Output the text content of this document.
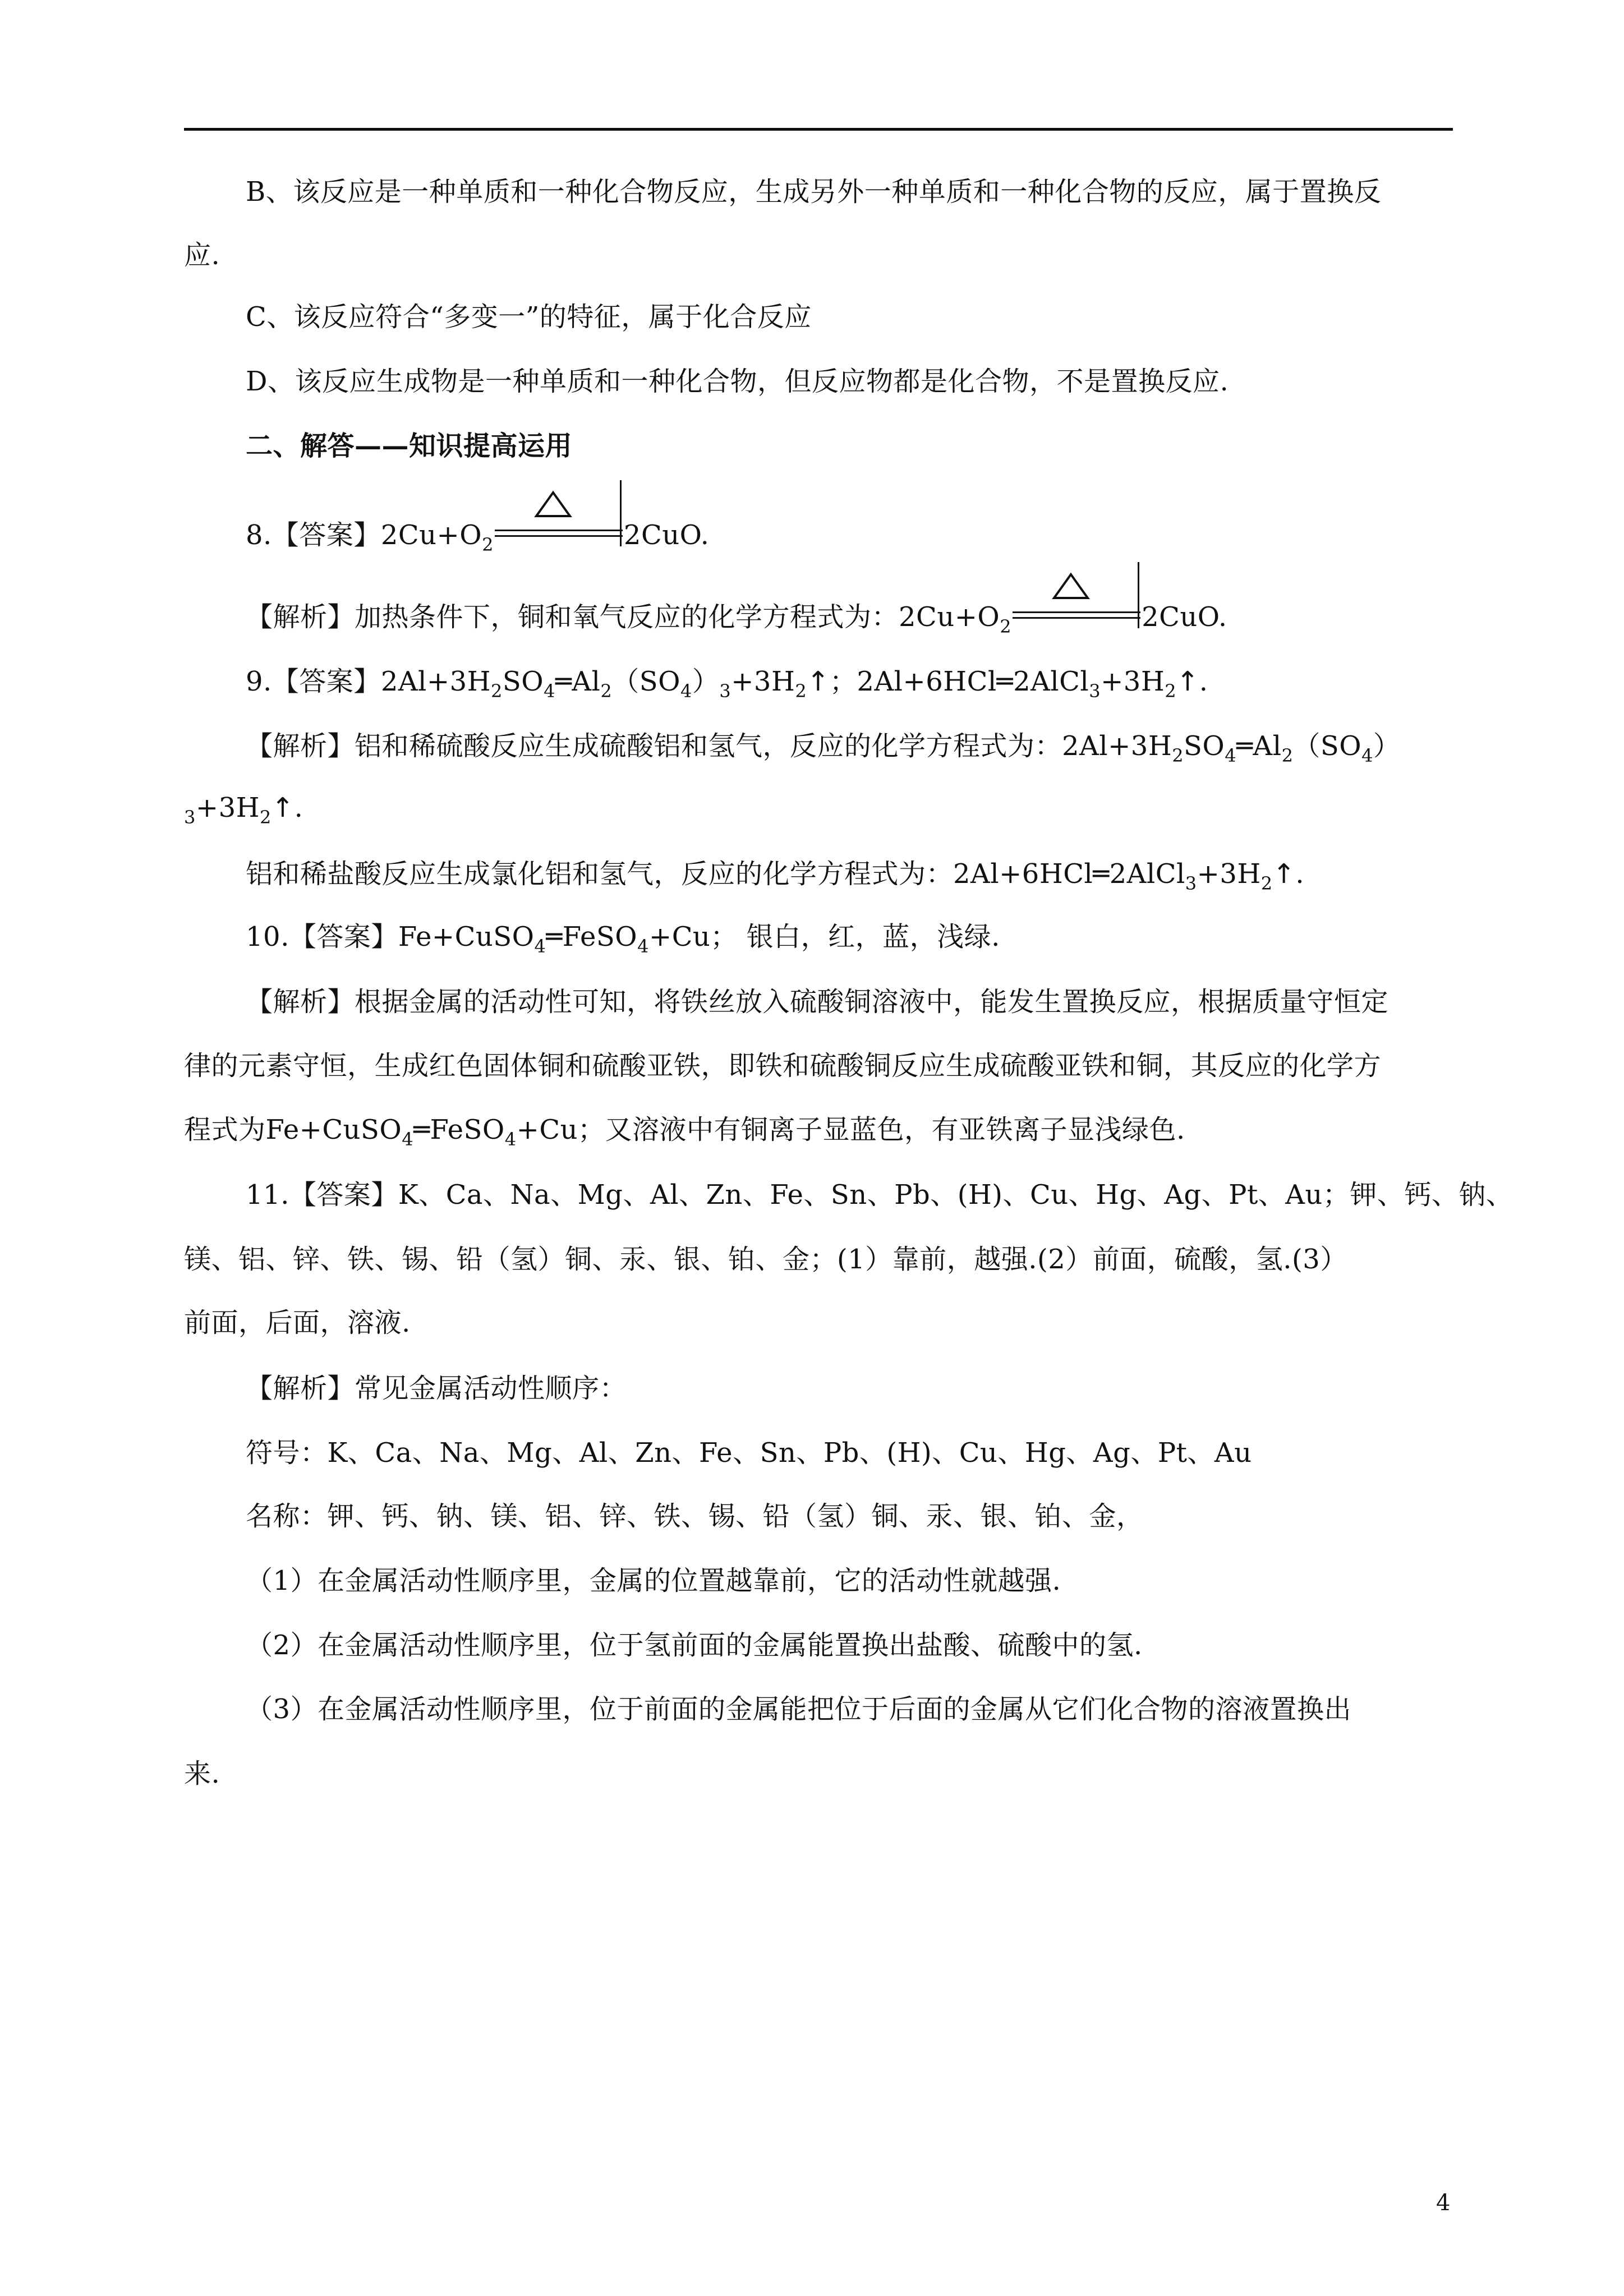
B、该反应是一种单质和一种化合物反应，生成另外一种单质和一种化合物的反应，属于置换反
应.
C、该反应符合“多变一”的特征，属于化合反应
D、该反应生成物是一种单质和一种化合物，但反应物都是化合物，不是置换反应.
二、解答——知识提高运用
8.【答案】$2Cu+O_2$	2CuO.
【解析】加热条件下，铜和氧气反应的化学方程式为：$2Cu+O_2$	2CuO.
9.【答案】$2Al+3H_2SO_4═Al_2(SO_4)_3+3H_2↑$；$2Al+6HCl═2AlCl_3+3H_2↑$.
【解析】铝和稀硫酸反应生成硫酸铝和氢气，反应的化学方程式为：$2Al+3H_2SO_4═Al_2(SO_4)$
$_3+3H_2↑$.
铝和稀盐酸反应生成氯化铝和氢气，反应的化学方程式为：$2Al+6HCl═2AlCl_3+3H_2↑$.
10.【答案】Fe+CuSO$_4$═FeSO$_4$+Cu； 银白，红，蓝，浅绿.
【解析】根据金属的活动性可知，将铁丝放入硫酸铜溶液中，能发生置换反应，根据质量守恒定
律的元素守恒，生成红色固体铜和硫酸亚铁，即铁和硫酸铜反应生成硫酸亚铁和铜，其反应的化学方
程式为Fe+CuSO$_4$═FeSO$_4$+Cu；又溶液中有铜离子显蓝色，有亚铁离子显浅绿色.
11.【答案】K、Ca、Na、Mg、Al、Zn、Fe、Sn、Pb、(H)、Cu、Hg、Ag、Pt、Au；钾、钙、钠、
镁、铝、锌、铁、锡、铅（氢）铜、汞、银、铂、金；(1）靠前，越强.(2）前面，硫酸，氢.(3）
前面，后面，溶液.
【解析】常见金属活动性顺序：
符号：K、Ca、Na、Mg、Al、Zn、Fe、Sn、Pb、(H)、Cu、Hg、Ag、Pt、Au
名称：钾、钙、钠、镁、铝、锌、铁、锡、铅（氢）铜、汞、银、铂、金，
（1）在金属活动性顺序里，金属的位置越靠前，它的活动性就越强.
（2）在金属活动性顺序里，位于氢前面的金属能置换出盐酸、硫酸中的氢.
（3）在金属活动性顺序里，位于前面的金属能把位于后面的金属从它们化合物的溶液置换出
来.
4
